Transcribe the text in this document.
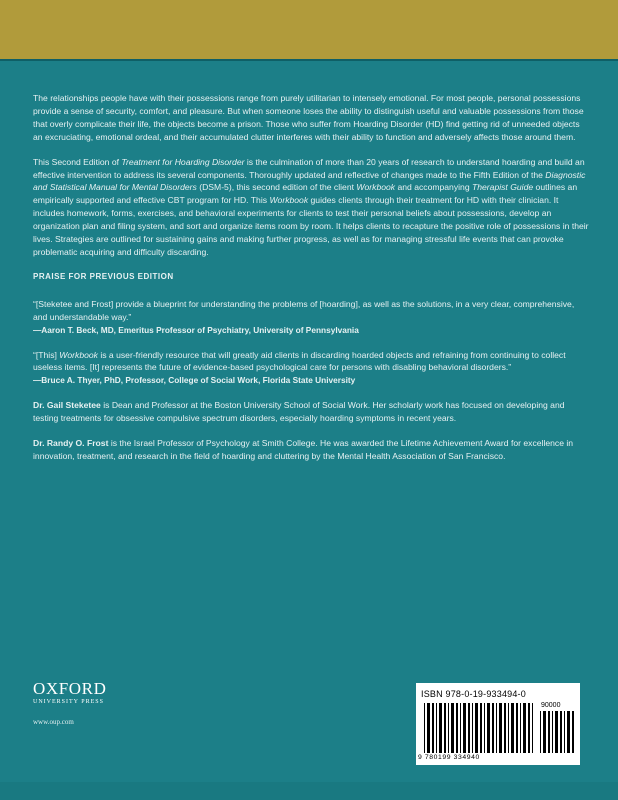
The relationships people have with their possessions range from purely utilitarian to intensely emotional. For most people, personal possessions provide a sense of security, comfort, and pleasure. But when someone loses the ability to distinguish useful and valuable possessions from those that overly complicate their life, the objects become a prison. Those who suffer from Hoarding Disorder (HD) find getting rid of unneeded objects an excruciating, emotional ordeal, and their accumulated clutter interferes with their ability to function and adversely affects those around them.

This Second Edition of Treatment for Hoarding Disorder is the culmination of more than 20 years of research to understand hoarding and build an effective intervention to address its several components. Thoroughly updated and reflective of changes made to the Fifth Edition of the Diagnostic and Statistical Manual for Mental Disorders (DSM-5), this second edition of the client Workbook and accompanying Therapist Guide outlines an empirically supported and effective CBT program for HD. This Workbook guides clients through their treatment for HD with their clinician. It includes homework, forms, exercises, and behavioral experiments for clients to test their personal beliefs about possessions, develop an organization plan and filing system, and sort and organize items room by room. It helps clients to recapture the positive role of possessions in their lives. Strategies are outlined for sustaining gains and making further progress, as well as for managing stressful life events that can provoke problematic acquiring and difficulty discarding.

PRAISE FOR PREVIOUS EDITION

“[Steketee and Frost] provide a blueprint for understanding the problems of [hoarding], as well as the solutions, in a very clear, comprehensive, and understandable way.”

—Aaron T. Beck, MD, Emeritus Professor of Psychiatry, University of Pennsylvania

“[This] Workbook is a user-friendly resource that will greatly aid clients in discarding hoarded objects and refraining from continuing to collect useless items. [It] represents the future of evidence-based psychological care for persons with disabling behavioral disorders.”

—Bruce A. Thyer, PhD, Professor, College of Social Work, Florida State University

Dr. Gail Steketee is Dean and Professor at the Boston University School of Social Work. Her scholarly work has focused on developing and testing treatments for obsessive compulsive spectrum disorders, especially hoarding symptoms in recent years.

Dr. Randy O. Frost is the Israel Professor of Psychology at Smith College. He was awarded the Lifetime Achievement Award for excellence in innovation, treatment, and research in the field of hoarding and cluttering by the Mental Health Association of San Francisco.

OXFORD
UNIVERSITY PRESS
www.oup.com
ISBN 978-0-19-933494-0
90000
9 780199 334940
